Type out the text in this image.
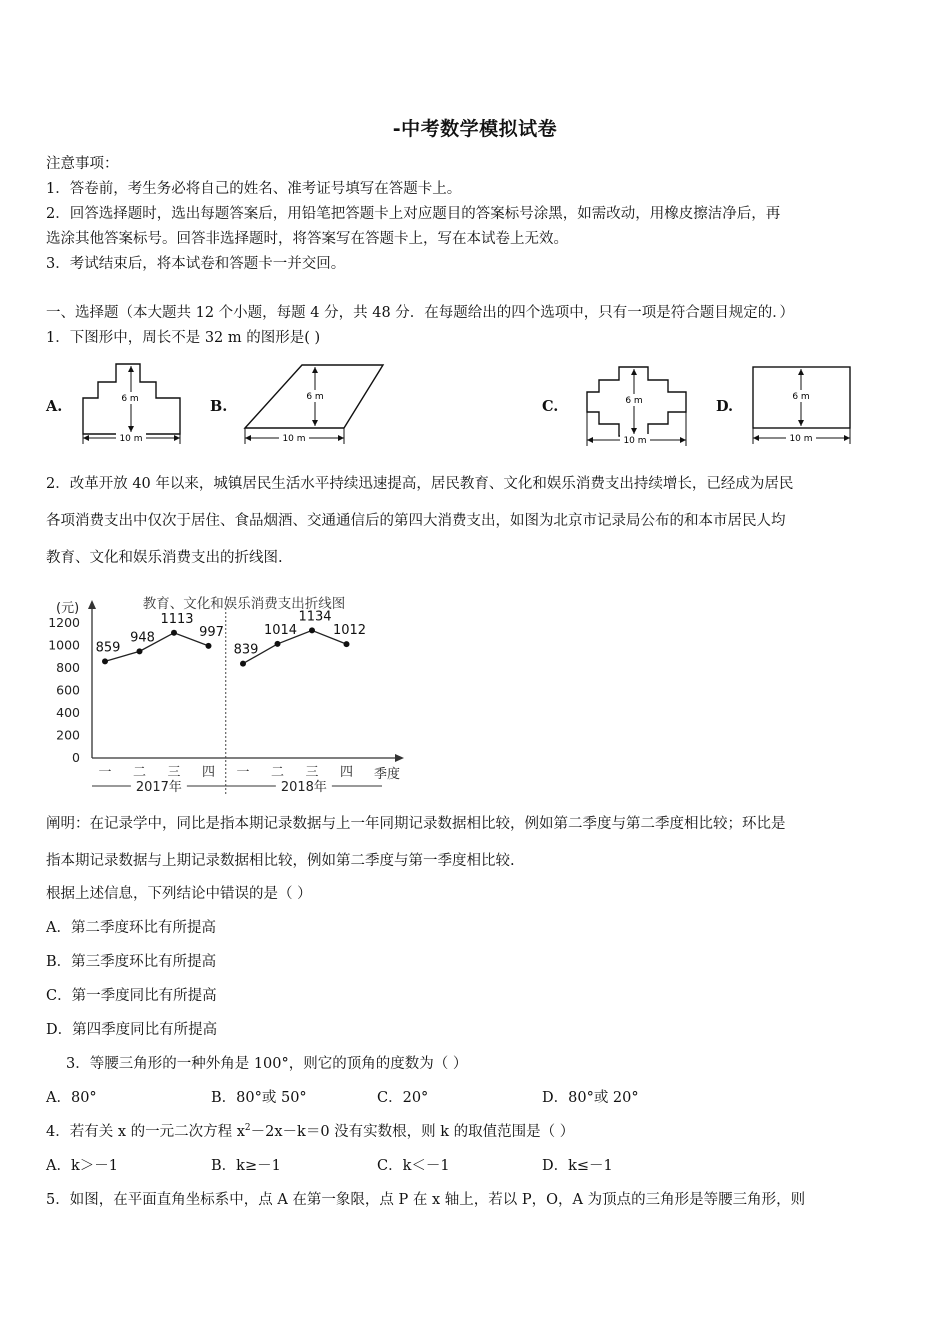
-中考数学模拟试卷
注意事项：
1．答卷前，考生务必将自己的姓名、准考证号填写在答题卡上。
2．回答选择题时，选出每题答案后，用铅笔把答题卡上对应题目的答案标号涂黑，如需改动，用橡皮擦洁净后，再
选涂其他答案标号。回答非选择题时，将答案写在答题卡上，写在本试卷上无效。
3．考试结束后，将本试卷和答题卡一并交回。
一、选择题（本大题共 12 个小题，每题 4 分，共 48 分．在每题给出的四个选项中，只有一项是符合题目规定的．）
1．下图形中，周长不是 32 m 的图形是( )
A.	6 m
10 m
B.
6 m
10 m
C.	6 m
10 m
D.
6 m
10 m
2．改革开放 40 年以来，城镇居民生活水平持续迅速提高，居民教育、文化和娱乐消费支出持续增长，已经成为居民
各项消费支出中仅次于居住、食品烟酒、交通通信后的第四大消费支出，如图为北京市记录局公布的和本市居民人均
教育、文化和娱乐消费支出的折线图.
教育、文化和娱乐消费支出折线图
(元)
季度
0
200
400
600
800
1000
1200
859
948
1113
997
839
1014
1134
1012
一 二 三 四 一 二 三 四
2017年	2018年
阐明：在记录学中，同比是指本期记录数据与上一年同期记录数据相比较，例如第二季度与第二季度相比较；环比是
指本期记录数据与上期记录数据相比较，例如第二季度与第一季度相比较.
根据上述信息，下列结论中错误的是（ ）
A．第二季度环比有所提高
B．第三季度环比有所提高
C．第一季度同比有所提高
D．第四季度同比有所提高
3．等腰三角形的一种外角是 100°，则它的顶角的度数为（ ）
A．80°	B．80°或 50°	C．20°	D．80°或 20°
4．若有关 x 的一元二次方程 $x^2-2x-k=0$ 没有实数根，则 k 的取值范围是（ ）
A．k＞－1	B．k≥－1	C．k＜－1	D．k≤－1
5．如图，在平面直角坐标系中，点 A 在第一象限，点 P 在 x 轴上，若以 P，O，A 为顶点的三角形是等腰三角形，则
